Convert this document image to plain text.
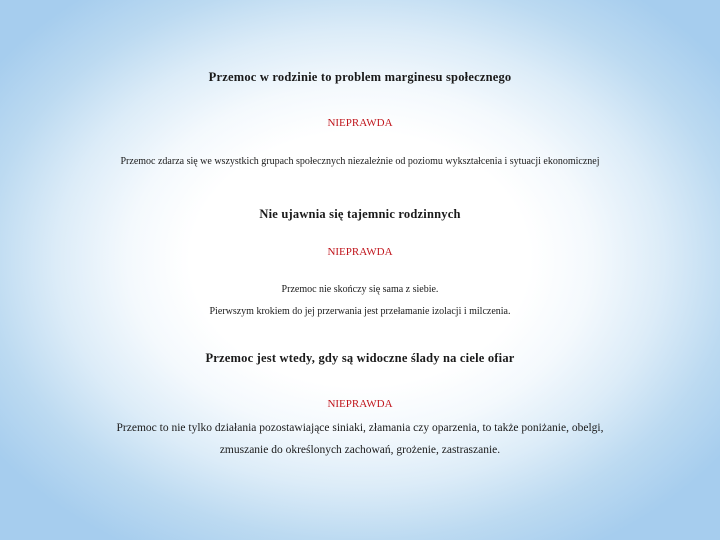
Przemoc w rodzinie to problem marginesu społecznego
NIEPRAWDA
Przemoc zdarza się we wszystkich grupach społecznych niezależnie od poziomu wykształcenia i sytuacji ekonomicznej
Nie ujawnia się tajemnic rodzinnych
NIEPRAWDA
Przemoc nie skończy się sama z siebie.
Pierwszym krokiem do jej przerwania jest przełamanie izolacji i milczenia.
Przemoc jest wtedy, gdy są widoczne ślady na ciele ofiar
NIEPRAWDA
Przemoc to nie tylko działania pozostawiające siniaki, złamania czy oparzenia, to także poniżanie, obelgi,
zmuszanie do określonych zachowań, grożenie, zastraszanie.
